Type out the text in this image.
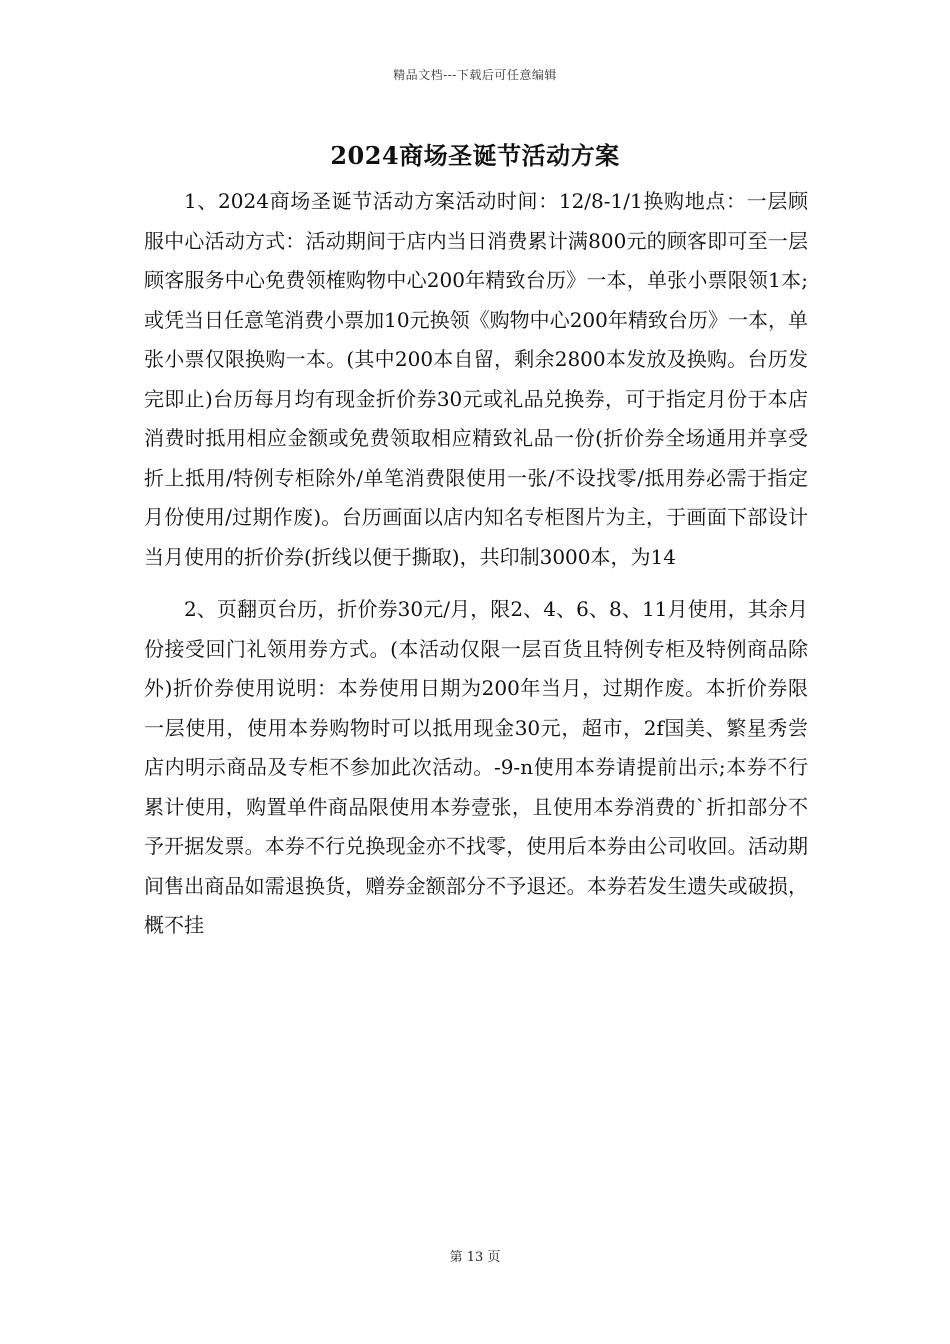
精品文档---下载后可任意编辑
2024商场圣诞节活动方案

1、2024商场圣诞节活动方案活动时间：12/8-1/1换购地点：一层顾服中心活动方式：活动期间于店内当日消费累计满800元的顾客即可至一层顾客服务中心免费领榷购物中心200年精致台历》一本，单张小票限领1本;或凭当日任意笔消费小票加10元换领《购物中心200年精致台历》一本，单张小票仅限换购一本。(其中200本自留，剩余2800本发放及换购。台历发完即止)台历每月均有现金折价券30元或礼品兑换券，可于指定月份于本店消费时抵用相应金额或免费领取相应精致礼品一份(折价券全场通用并享受折上抵用/特例专柜除外/单笔消费限使用一张/不设找零/抵用券必需于指定月份使用/过期作废)。台历画面以店内知名专柜图片为主，于画面下部设计当月使用的折价券(折线以便于撕取)，共印制3000本，为14

2、页翻页台历，折价券30元/月，限2、4、6、8、11月使用，其余月份接受回门礼领用券方式。(本活动仅限一层百货且特例专柜及特例商品除外)折价券使用说明：本券使用日期为200年当月，过期作废。本折价券限一层使用，使用本券购物时可以抵用现金30元，超市，2f国美、繁星秀尝店内明示商品及专柜不参加此次活动。-9-n使用本券请提前出示;本券不行累计使用，购置单件商品限使用本券壹张，且使用本券消费的`折扣部分不予开据发票。本券不行兑换现金亦不找零，使用后本券由公司收回。活动期间售出商品如需退换货，赠券金额部分不予退还。本券若发生遗失或破损，概不挂

第 13 页
